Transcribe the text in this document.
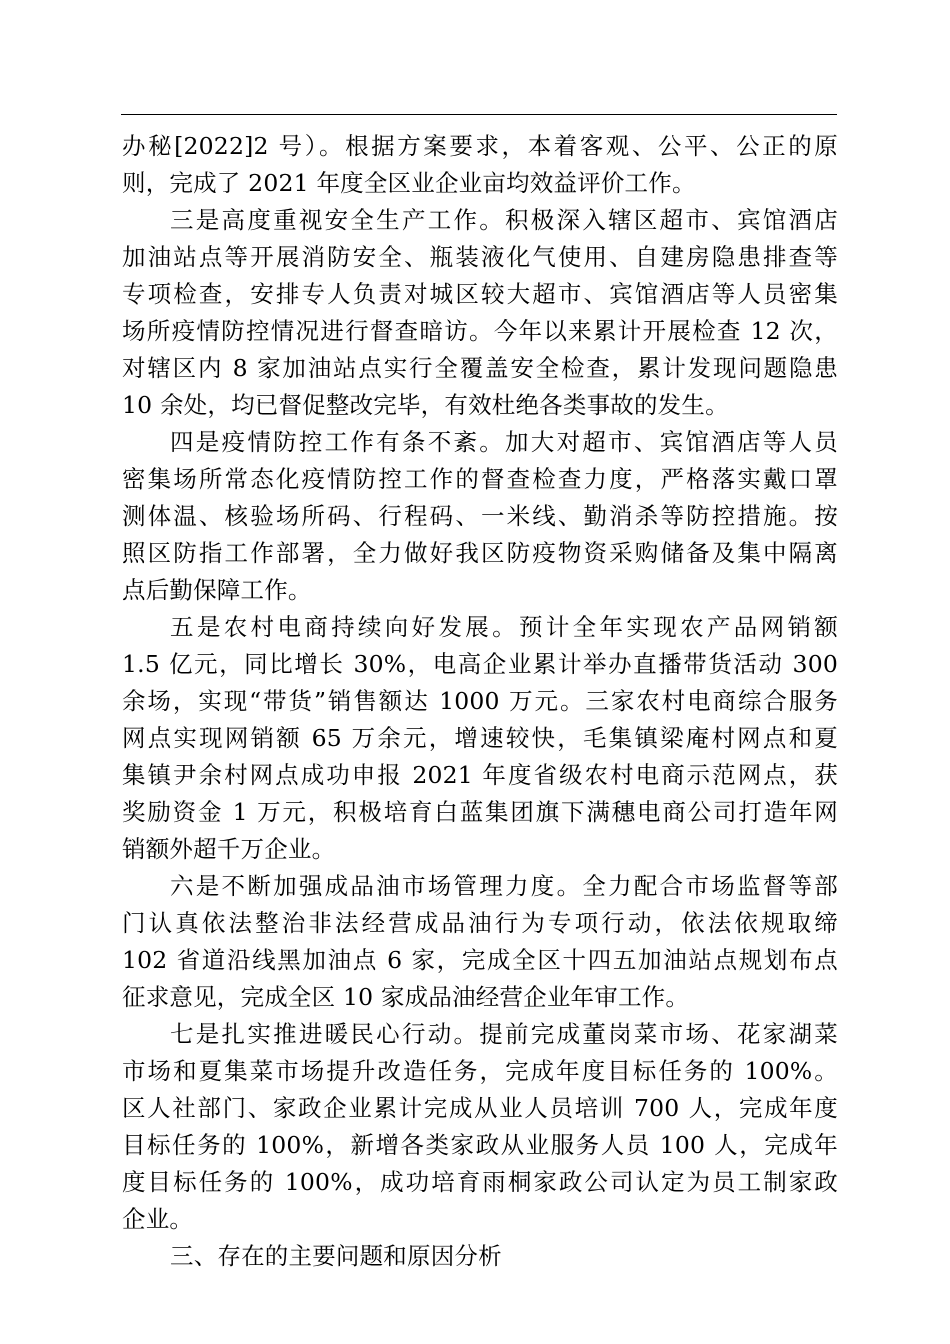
办秘[2022]2 号）。根据方案要求，本着客观、公平、公正的原
则，完成了 2021 年度全区业企业亩均效益评价工作。
三是高度重视安全生产工作。积极深入辖区超市、宾馆酒店
加油站点等开展消防安全、瓶装液化气使用、自建房隐患排查等
专项检查，安排专人负责对城区较大超市、宾馆酒店等人员密集
场所疫情防控情况进行督查暗访。今年以来累计开展检查 12 次，
对辖区内 8 家加油站点实行全覆盖安全检查，累计发现问题隐患
10 余处，均已督促整改完毕，有效杜绝各类事故的发生。
四是疫情防控工作有条不紊。加大对超市、宾馆酒店等人员
密集场所常态化疫情防控工作的督查检查力度，严格落实戴口罩
测体温、核验场所码、行程码、一米线、勤消杀等防控措施。按
照区防指工作部署，全力做好我区防疫物资采购储备及集中隔离
点后勤保障工作。
五是农村电商持续向好发展。预计全年实现农产品网销额
1.5 亿元，同比增长 30%，电高企业累计举办直播带货活动 300
余场，实现“带货”销售额达 1000 万元。三家农村电商综合服务
网点实现网销额 65 万余元，增速较快，毛集镇梁庵村网点和夏
集镇尹余村网点成功申报 2021 年度省级农村电商示范网点，获
奖励资金 1 万元，积极培育白蓝集团旗下满穗电商公司打造年网
销额外超千万企业。
六是不断加强成品油市场管理力度。全力配合市场监督等部
门认真依法整治非法经营成品油行为专项行动，依法依规取缔
102 省道沿线黑加油点 6 家，完成全区十四五加油站点规划布点
征求意见，完成全区 10 家成品油经营企业年审工作。
七是扎实推进暖民心行动。提前完成董岗菜市场、花家湖菜
市场和夏集菜市场提升改造任务，完成年度目标任务的 100%。
区人社部门、家政企业累计完成从业人员培训 700 人，完成年度
目标任务的 100%，新增各类家政从业服务人员 100 人，完成年
度目标任务的 100%，成功培育雨桐家政公司认定为员工制家政
企业。
三、存在的主要问题和原因分析
